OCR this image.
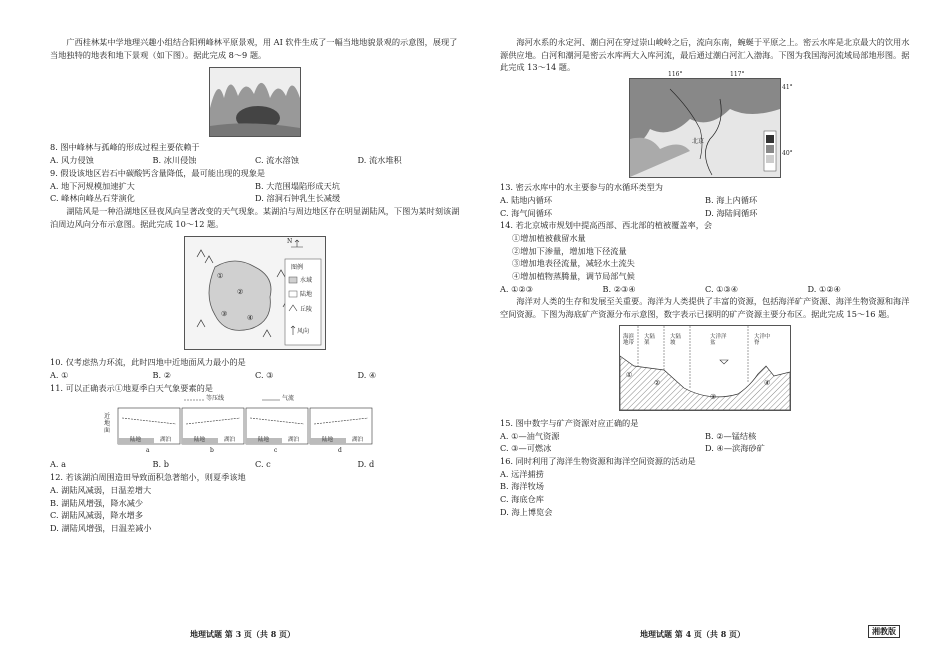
广西桂林某中学地理兴趣小组结合阳朔峰林平原景观，用 AI 软件生成了一幅当地地貌景观的示意图，展现了当地独特的地表和地下景观（如下图）。据此完成 8～9 题。

8. 图中峰林与孤峰的形成过程主要依赖于

A. 风力侵蚀	B. 冰川侵蚀	C. 流水溶蚀	D. 流水堆积

9. 假设该地区岩石中碳酸钙含量降低，最可能出现的现象是

A. 地下河规模加速扩大	B. 大范围塌陷形成天坑
C. 峰林向峰丛石芽演化	D. 溶洞石钟乳生长减缓

湖陆风是一种沿湖地区昼夜风向呈著改变的天气现象。某湖泊与周边地区存在明显湖陆风，下图为某时刻该湖泊周边风向分布示意图。据此完成 10～12 题。

N
图例
水域
陆地
丘陵
风向
①
②
③	④

10. 仅考虑热力环流，此时四地中近地面风力最小的是

A. ①	B. ②	C. ③	D. ④

11. 可以正确表示①地夏季白天气象要素的是

等压线	气流
近地面
陆地	湖泊
a
陆地	湖泊
b
陆地	湖泊
c
陆地	湖泊
d
A. a	B. b	C. c	D. d

12. 若该湖泊周围造田导致面积急著缩小，则夏季该地

A. 湖陆风减弱，日温差增大
B. 湖陆风增强，降水减少
C. 湖陆风减弱，降水增多
D. 湖陆风增强，日温差减小
地理试题 第 3 页（共 8 页）

海河水系的永定河、潮白河在穿过崇山峻岭之后，流向东南，蜿蜒于平原之上。密云水库是北京最大的饮用水源供应地。白河和潮河是密云水库两大入库河流，最后通过潮白河汇入渤海。下图为我国海河流域局部地形图。据此完成 13～14 题。

116°	117°
41°
40°
北京

13. 密云水库中的水主要参与的水循环类型为

A. 陆地内循环	B. 海上内循环
C. 海气间循环	D. 海陆间循环

14. 若北京城市规划中提高西部、西北部的植被覆盖率，会

①增加植被截留水量

②增加下渗量，增加地下径流量

③增加地表径流量，减轻水土流失

④增加植物蒸腾量，调节局部气候

A. ①②③	B. ②③④	C. ①③④	D. ①②④

海洋对人类的生存和发展至关重要。海洋为人类提供了丰富的资源，包括海洋矿产资源、海洋生物资源和海洋空间资源。下图为海底矿产资源分布示意图，数字表示已探明的矿产资源主要分布区。据此完成 15～16 题。

海滨地带
大陆架
大陆坡
大洋洋盆
大洋中脊
①
②
③
④

15. 图中数字与矿产资源对应正确的是

A. ①—油气资源	B. ②—锰结核
C. ③—可燃冰	D. ④—滨海砂矿

16. 同时利用了海洋生物资源和海洋空间资源的活动是

A. 远洋捕捞
B. 海洋牧场
C. 海底仓库
D. 海上博览会
地理试题 第 4 页（共 8 页）	湘教版
